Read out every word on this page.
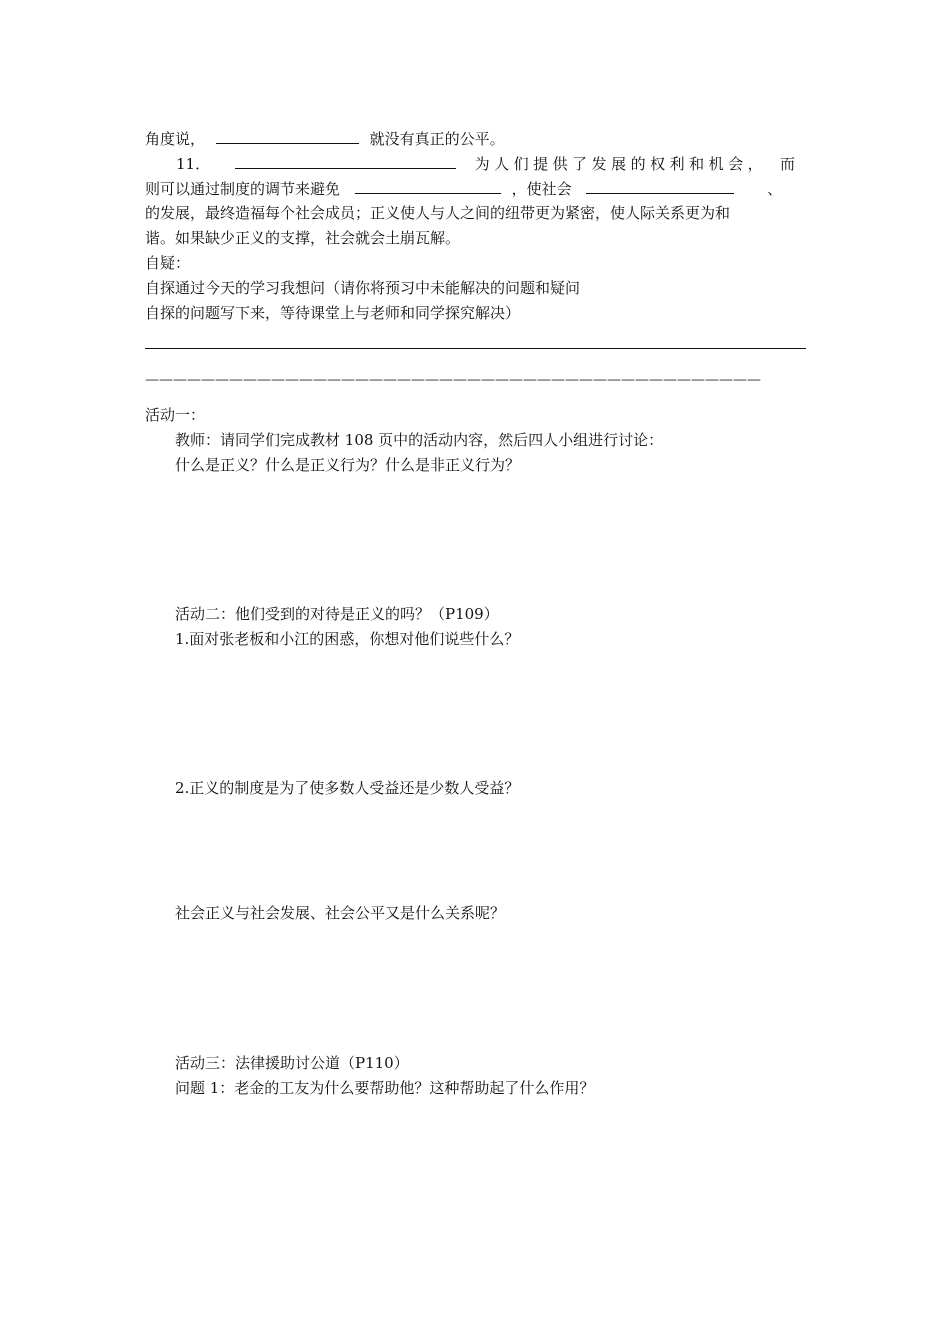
角度说，	就没有真正的公平。
11．	为人们提供了发展的权利和机会， 而
则可以通过制度的调节来避免	，使社会	、
的发展，最终造福每个社会成员；正义使人与人之间的纽带更为紧密，使人际关系更为和
谐。如果缺少正义的支撑，社会就会土崩瓦解。
自疑：
自探通过今天的学习我想问（请你将预习中未能解决的问题和疑问
自探的问题写下来，等待课堂上与老师和同学探究解决）
————————————————————————————————————————————
活动一：
教师：请同学们完成教材 108 页中的活动内容，然后四人小组进行讨论：
什么是正义？什么是正义行为？什么是非正义行为？
活动二：他们受到的对待是正义的吗？（P109）
1.面对张老板和小江的困惑，你想对他们说些什么？
2.正义的制度是为了使多数人受益还是少数人受益？
社会正义与社会发展、社会公平又是什么关系呢？
活动三：法律援助讨公道（P110）
问题 1：老金的工友为什么要帮助他？这种帮助起了什么作用？
